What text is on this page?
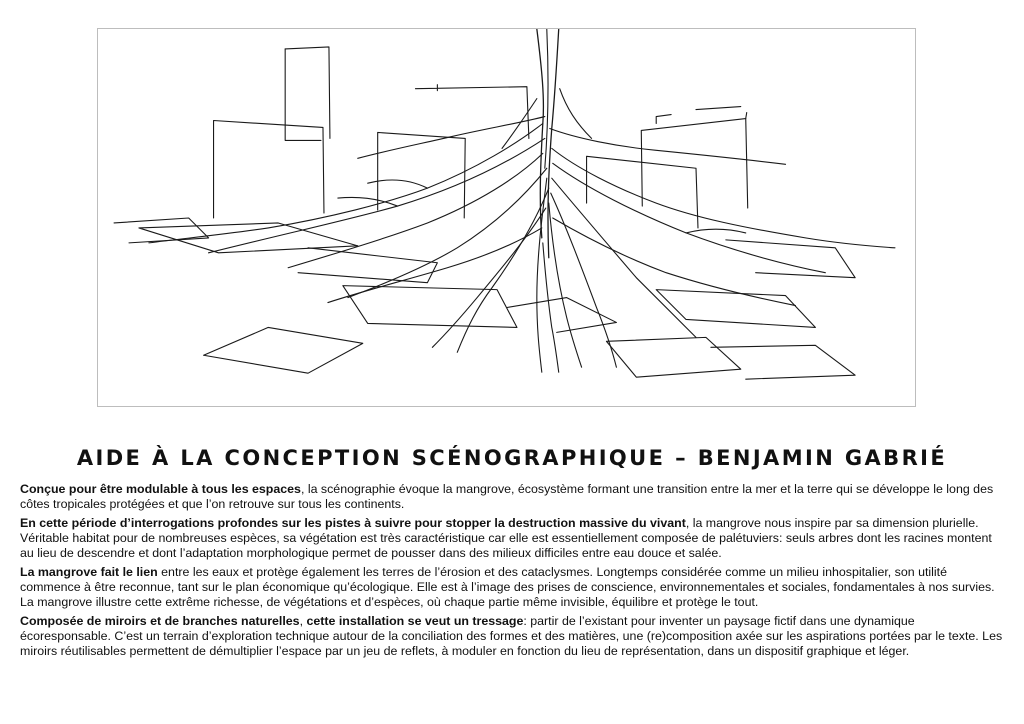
AIDE À LA CONCEPTION SCÉNOGRAPHIQUE – BENJAMIN GABRIÉ

Conçue pour être modulable à tous les espaces, la scénographie évoque la mangrove, écosystème formant une transition entre la mer et la terre qui se développe le long des côtes tropicales protégées et que l’on retrouve sur tous les continents.

En cette période d’interrogations profondes sur les pistes à suivre pour stopper la destruction massive du vivant, la mangrove nous inspire par sa dimension plurielle. Véritable habitat pour de nombreuses espèces, sa végétation est très caractéristique car elle est essentiellement composée de palétuviers: seuls arbres dont les racines montent au lieu de descendre et dont l’adaptation morphologique permet de pousser dans des milieux difficiles entre eau douce et salée.

La mangrove fait le lien entre les eaux et protège également les terres de l’érosion et des cataclysmes. Longtemps considérée comme un milieu inhospitalier, son utilité commence à être reconnue, tant sur le plan économique qu’écologique. Elle est à l’image des prises de conscience, environnementales et sociales, fondamentales à nos survies. La mangrove illustre cette extrême richesse, de végétations et d’espèces, où chaque partie même invisible, équilibre et protège le tout.

Composée de miroirs et de branches naturelles, cette installation se veut un tressage: partir de l’existant pour inventer un paysage fictif dans une dynamique écoresponsable. C’est un terrain d’exploration technique autour de la conciliation des formes et des matières, une (re)composition axée sur les aspirations portées par le texte. Les miroirs réutilisables permettent de démultiplier l’espace par un jeu de reflets, à moduler en fonction du lieu de représentation, dans un dispositif graphique et léger.
